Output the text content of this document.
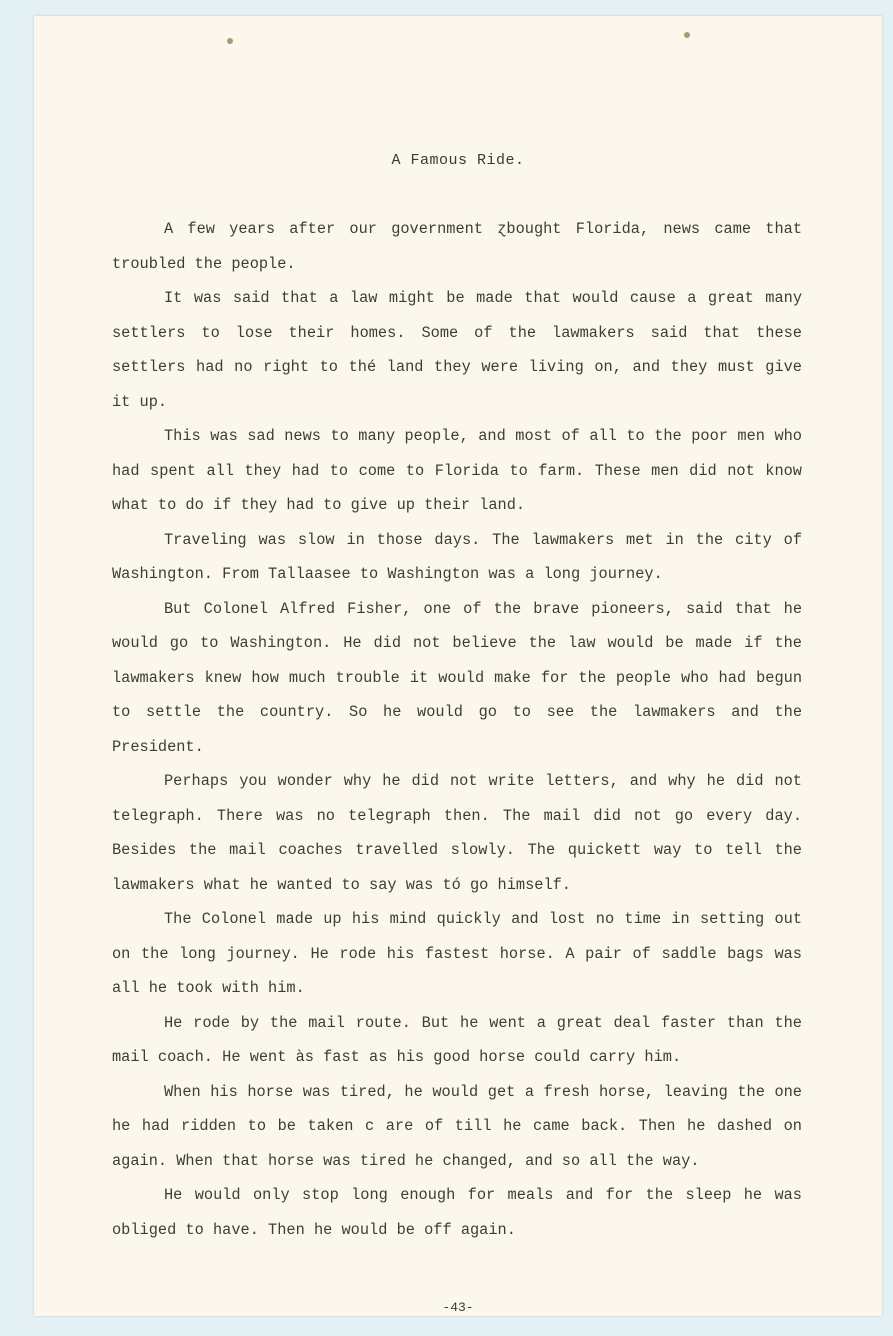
A Famous Ride.

A few years after our government ɀbought Florida, news came that troubled the people.

It was said that a law might be made that would cause a great many settlers to lose their homes. Some of the lawmakers said that these settlers had no right to thé land they were living on, and they must give it up.

This was sad news to many people, and most of all to the poor men who had spent all they had to come to Florida to farm. These men did not know what to do if they had to give up their land.

Traveling was slow in those days. The lawmakers met in the city of Washington. From Tallaasee to Washington was a long journey.

But Colonel Alfred Fisher, one of the brave pioneers, said that he would go to Washington. He did not believe the law would be made if the lawmakers knew how much trouble it would make for the people who had begun to settle the country. So he would go to see the lawmakers and the President.

Perhaps you wonder why he did not write letters, and why he did not telegraph. There was no telegraph then. The mail did not go every day. Besides the mail coaches travelled slowly. The quickett way to tell the lawmakers what he wanted to say was tó go himself.

The Colonel made up his mind quickly and lost no time in setting out on the long journey. He rode his fastest horse. A pair of saddle bags was all he took with him.

He rode by the mail route. But he went a great deal faster than the mail coach. He went às fast as his good horse could carry him.

When his horse was tired, he would get a fresh horse, leaving the one he had ridden to be taken c are of till he came back. Then he dashed on again. When that horse was tired he changed, and so all the way.

He would only stop long enough for meals and for the sleep he was obliged to have. Then he would be off again.

-43-
